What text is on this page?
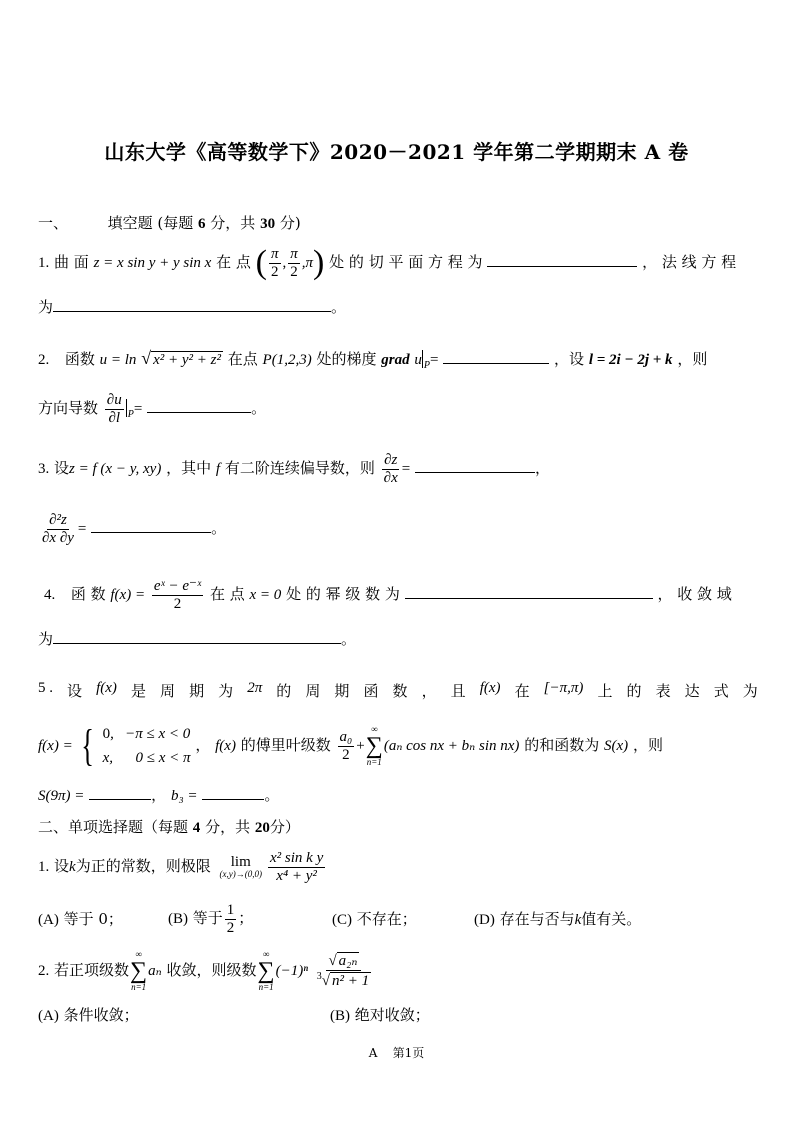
山东大学《高等数学下》2020－2021 学年第二学期期末 A 卷
一、	填空题 (每题 6 分，共 30 分)
1. 曲 面 z = x sin y + y sin x 在 点 ( $\frac{\pi}{2}$ , $\frac{\pi}{2} ,\pi$) 处 的 切 平 面 方 程 为	， 法 线 方 程
为	。
2. 函数 u = ln √ x² + y² + z² 在点 P(1,2,3) 处的梯度 grad u $_P$=	，设 l = 2i − 2j + k ，则
方向导数 $\frac{\partial u}{\partial l} _P=$	。
3. 设z = f (x − y, xy) ，其中 f 有二阶连续偏导数，则 $\frac{\partial z}{\partial x}$ =	，
$\frac{\text{∂²z}}{\partial x \partial y}$ =	。
4. 函 数 $f(x) = \frac{\text{eˣ − e⁻ˣ}}{2}$ 在 点 x = 0 处 的 幂 级 数 为	， 收 敛 域
为	。
5 . 设 f(x) 是 周 期 为 2π 的 周 期 函 数 ， 且 f(x) 在 [−π,π) 上 的 表 达 式 为
f(x) = { 0, −π ≤ x < 0
x, 0 ≤ x < π
， f(x) 的傅里叶级数 $\frac{\text{a₀}}{2}$ +
∞
∑
n=1
(aₙ cos nx + bₙ sin nx) 的和函数为 S(x) ，则
S(9π) =	， b₃ =	。
二、单项选择题（每题 4 分，共 20分）
1. 设k为正的常数，则极限 lim
$(x,y)\to(0,0) \frac{\text{x² sin k y}}{\text{x⁴ + y²}}$
(A) 等于 0；	(B) 等于 $\frac{1}{2}$ ；	(C) 不存在；	(D) 存在与否与k值有关。
2. 若正项级数
∞
∑
n=1
aₙ 收敛，则级数
∞
∑
n=1
$(-1)^n \frac{\text{√ a₂ₙ}}{^3√ n^2 + 1}$
(A) 条件收敛；	(B) 绝对收敛；
A    第1页
